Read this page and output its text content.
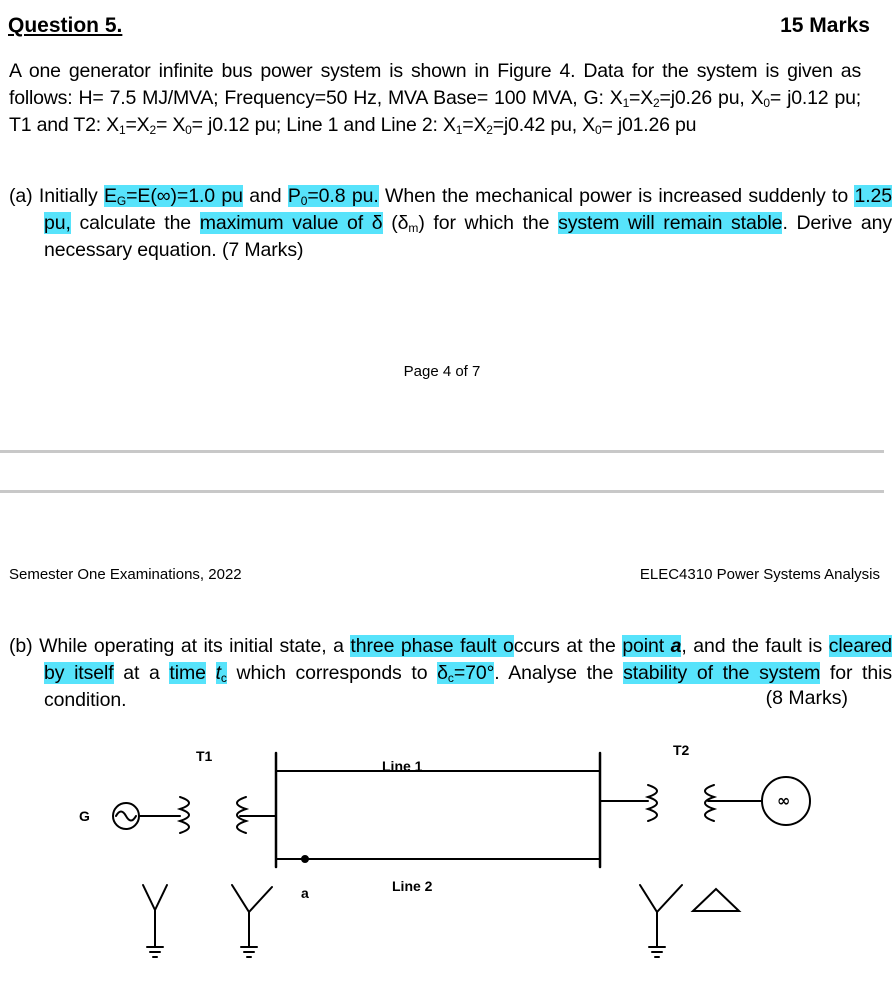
Question 5.	15 Marks
A one generator infinite bus power system is shown in Figure 4. Data for the system is given as follows: H= 7.5 MJ/MVA; Frequency=50 Hz, MVA Base= 100 MVA, G: $X_1=X_2=j0.26$ pu, $X_0= j0.12$ pu; T1 and T2: $X_1=X_2= X_0= j0.12$ pu; Line 1 and Line 2: $X_1=X_2=j0.42$ pu, $X_0= j01.26$ pu
(a) Initially $E_G=E(\infty)=1.0$ pu and $P_0=0.8$ pu. When the mechanical power is increased suddenly to 1.25 pu, calculate the maximum value of δ $(\delta_m)$ for which the system will remain stable. Derive any necessary equation. (7 Marks)
Page 4 of 7
Semester One Examinations, 2022	ELEC4310 Power Systems Analysis
(b) While operating at its initial state, a three phase fault occurs at the point a, and the fault is cleared by itself at a time $t_c$ which corresponds to $\delta_c=70^\circ$. Analyse the stability of the system for this condition.	(8 Marks)
T1	T2
Line 1
Line 2
G
a
∞
